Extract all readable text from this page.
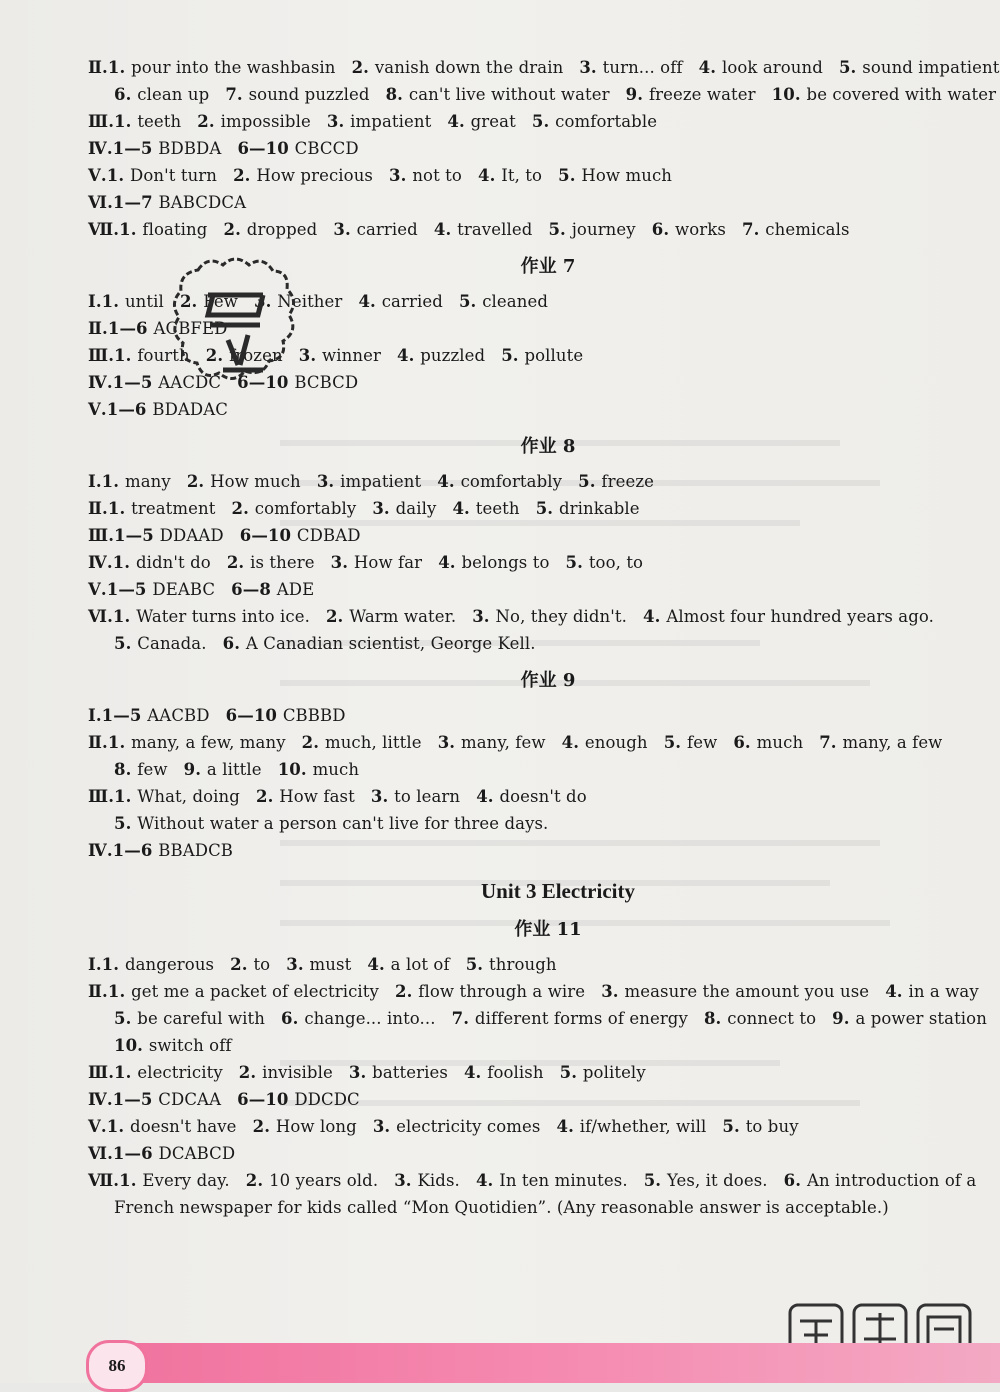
Ⅱ.1. pour into the washbasin 2. vanish down the drain 3. turn... off 4. look around 5. sound impatient
6. clean up 7. sound puzzled 8. can't live without water 9. freeze water 10. be covered with water
Ⅲ.1. teeth 2. impossible 3. impatient 4. great 5. comfortable
Ⅳ.1—5 BDBDA 6—10 CBCCD
Ⅴ.1. Don't turn 2. How precious 3. not to 4. It, to 5. How much
Ⅵ.1—7 BABCDCA
Ⅶ.1. floating 2. dropped 3. carried 4. travelled 5. journey 6. works 7. chemicals
作业 7
Ⅰ.1. until 2. Few 3. Neither 4. carried 5. cleaned
Ⅱ.1—6 ACBFED
Ⅲ.1. fourth 2. frozen 3. winner 4. puzzled 5. pollute
Ⅳ.1—5 AACDC 6—10 BCBCD
Ⅴ.1—6 BDADAC
作业 8
Ⅰ.1. many 2. How much 3. impatient 4. comfortably 5. freeze
Ⅱ.1. treatment 2. comfortably 3. daily 4. teeth 5. drinkable
Ⅲ.1—5 DDAAD 6—10 CDBAD
Ⅳ.1. didn't do 2. is there 3. How far 4. belongs to 5. too, to
Ⅴ.1—5 DEABC 6—8 ADE
Ⅵ.1. Water turns into ice. 2. Warm water. 3. No, they didn't. 4. Almost four hundred years ago.
5. Canada. 6. A Canadian scientist, George Kell.
作业 9
Ⅰ.1—5 AACBD 6—10 CBBBD
Ⅱ.1. many, a few, many 2. much, little 3. many, few 4. enough 5. few 6. much 7. many, a few
8. few 9. a little 10. much
Ⅲ.1. What, doing 2. How fast 3. to learn 4. doesn't do
5. Without water a person can't live for three days.
Ⅳ.1—6 BBADCB
Unit 3 Electricity
作业 11
Ⅰ.1. dangerous 2. to 3. must 4. a lot of 5. through
Ⅱ.1. get me a packet of electricity 2. flow through a wire 3. measure the amount you use 4. in a way
5. be careful with 6. change... into... 7. different forms of energy 8. connect to 9. a power station
10. switch off
Ⅲ.1. electricity 2. invisible 3. batteries 4. foolish 5. politely
Ⅳ.1—5 CDCAA 6—10 DDCDC
Ⅴ.1. doesn't have 2. How long 3. electricity comes 4. if/whether, will 5. to buy
Ⅵ.1—6 DCABCD
Ⅶ.1. Every day. 2. 10 years old. 3. Kids. 4. In ten minutes. 5. Yes, it does. 6. An introduction of a
French newspaper for kids called “Mon Quotidien”. (Any reasonable answer is acceptable.)
86
